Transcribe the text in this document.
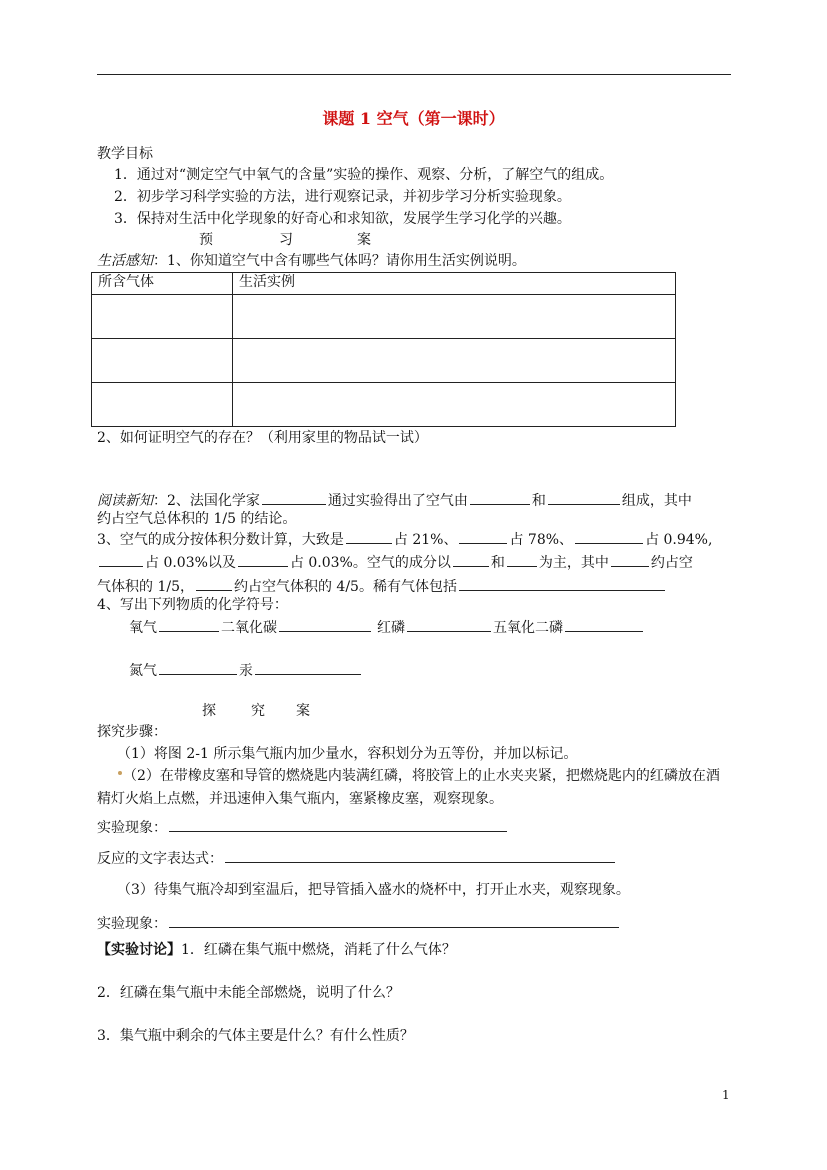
课题 1 空气（第一课时）
教学目标
1．通过对“测定空气中氧气的含量”实验的操作、观察、分析，了解空气的组成。
2．初步学习科学实验的方法，进行观察记录，并初步学习分析实验现象。
3．保持对生活中化学现象的好奇心和求知欲，发展学生学习化学的兴趣。
预	习	案
生活感知：1、你知道空气中含有哪些气体吗？请你用生活实例说明。
所含气体	生活实例

2、如何证明空气的存在？（利用家里的物品试一试）
阅读新知：2、法国化学家	通过实验得出了空气由	和	组成，其中
约占空气总体积的 1/5 的结论。
3、空气的成分按体积分数计算，大致是	占 21%、	占 78%、	占 0.94%,
占 0.03%以及	占 0.03%。空气的成分以	和 为主，其中	约占空
气体积的 1/5，	约占空气体积的 4/5。稀有气体包括
4、写出下列物质的化学符号：
氧气	二氧化碳	红磷	五氧化二磷
氮气	汞
探	究 案
探究步骤：
（1）将图 2-1 所示集气瓶内加少量水，容积划分为五等份，并加以标记。
（2）在带橡皮塞和导管的燃烧匙内装满红磷，将胶管上的止水夹夹紧，把燃烧匙内的红磷放在酒
精灯火焰上点燃，并迅速伸入集气瓶内，塞紧橡皮塞，观察现象。
实验现象：
反应的文字表达式：
（3）待集气瓶冷却到室温后，把导管插入盛水的烧杯中，打开止水夹，观察现象。
实验现象：
【实验讨论】1．红磷在集气瓶中燃烧，消耗了什么气体？
2．红磷在集气瓶中未能全部燃烧，说明了什么？
3．集气瓶中剩余的气体主要是什么？有什么性质？
1
